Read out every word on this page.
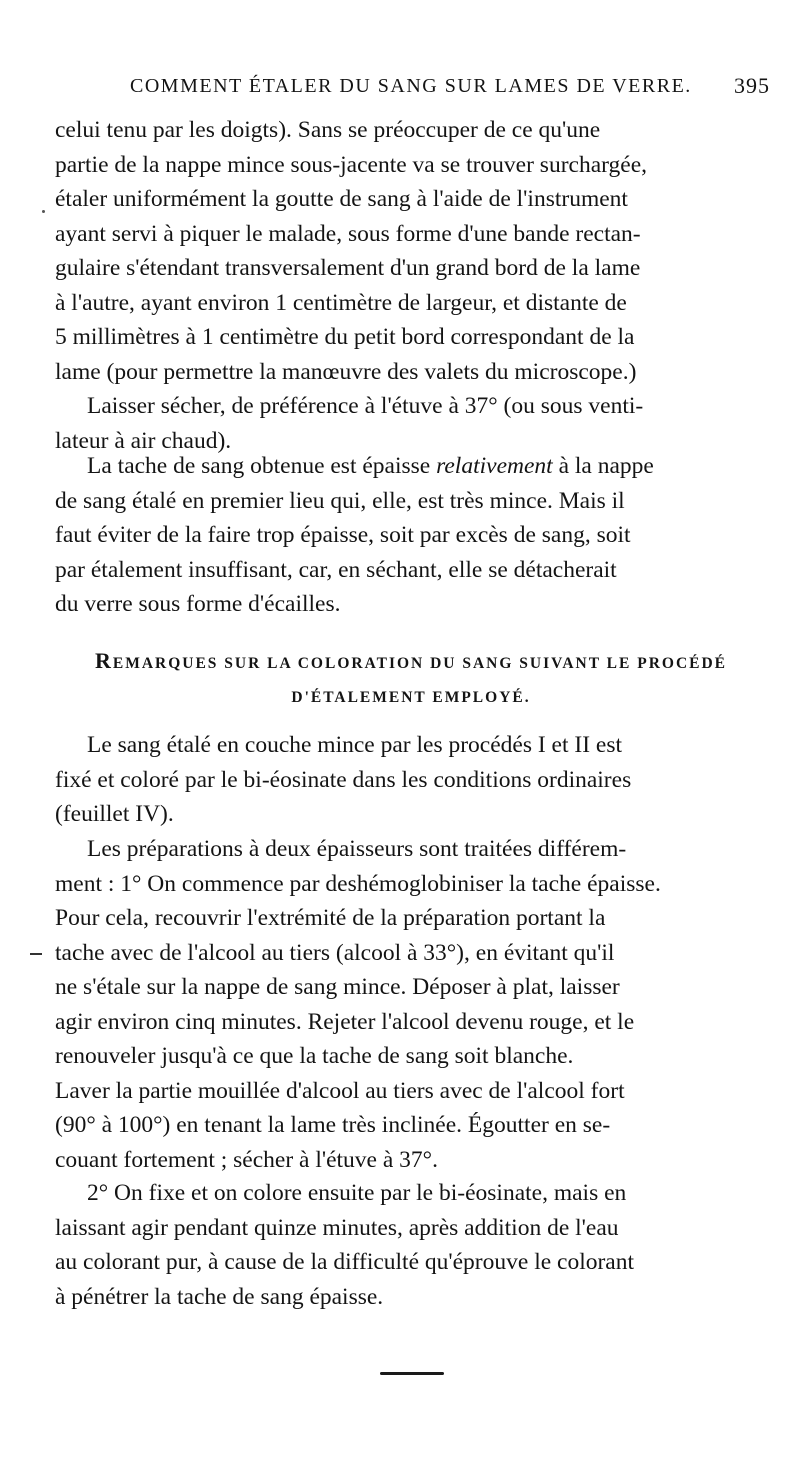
COMMENT ÉTALER DU SANG SUR LAMES DE VERRE. 395

celui tenu par les doigts). Sans se préoccuper de ce qu'une
partie de la nappe mince sous-jacente va se trouver surchargée,
étaler uniformément la goutte de sang à l'aide de l'instrument
ayant servi à piquer le malade, sous forme d'une bande rectan-
gulaire s'étendant transversalement d'un grand bord de la lame
à l'autre, ayant environ 1 centimètre de largeur, et distante de
5 millimètres à 1 centimètre du petit bord correspondant de la
lame (pour permettre la manœuvre des valets du microscope.)

Laisser sécher, de préférence à l'étuve à 37° (ou sous venti-
lateur à air chaud).

La tache de sang obtenue est épaisse relativement à la nappe
de sang étalé en premier lieu qui, elle, est très mince. Mais il
faut éviter de la faire trop épaisse, soit par excès de sang, soit
par étalement insuffisant, car, en séchant, elle se détacherait
du verre sous forme d'écailles.

REMARQUES SUR LA COLORATION DU SANG SUIVANT LE PROCÉDÉ
D'ÉTALEMENT EMPLOYÉ.

Le sang étalé en couche mince par les procédés I et II est
fixé et coloré par le bi-éosinate dans les conditions ordinaires
(feuillet IV).

Les préparations à deux épaisseurs sont traitées différem-
ment : 1° On commence par deshémoglobiniser la tache épaisse.
Pour cela, recouvrir l'extrémité de la préparation portant la
tache avec de l'alcool au tiers (alcool à 33°), en évitant qu'il
ne s'étale sur la nappe de sang mince. Déposer à plat, laisser
agir environ cinq minutes. Rejeter l'alcool devenu rouge, et le
renouveler jusqu'à ce que la tache de sang soit blanche.
Laver la partie mouillée d'alcool au tiers avec de l'alcool fort
(90° à 100°) en tenant la lame très inclinée. Égoutter en se-
couant fortement ; sécher à l'étuve à 37°.

2° On fixe et on colore ensuite par le bi-éosinate, mais en
laissant agir pendant quinze minutes, après addition de l'eau
au colorant pur, à cause de la difficulté qu'éprouve le colorant
à pénétrer la tache de sang épaisse.
